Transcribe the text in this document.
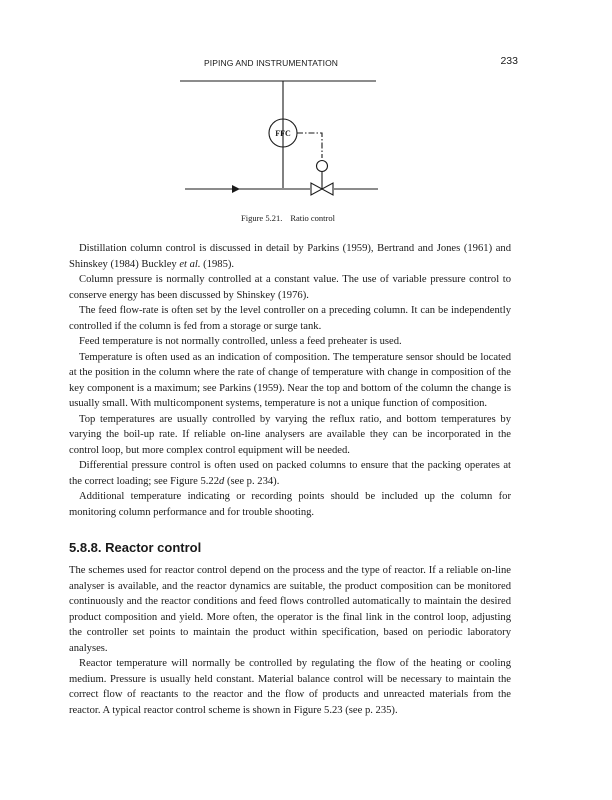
PIPING AND INSTRUMENTATION	233
FFC
Figure 5.21. Ratio control

Distillation column control is discussed in detail by Parkins (1959), Bertrand and Jones (1961) and Shinskey (1984) Buckley et al. (1985).

Column pressure is normally controlled at a constant value. The use of variable pressure control to conserve energy has been discussed by Shinskey (1976).

The feed flow-rate is often set by the level controller on a preceding column. It can be independently controlled if the column is fed from a storage or surge tank.

Feed temperature is not normally controlled, unless a feed preheater is used.

Temperature is often used as an indication of composition. The temperature sensor should be located at the position in the column where the rate of change of temperature with change in composition of the key component is a maximum; see Parkins (1959). Near the top and bottom of the column the change is usually small. With multicomponent systems, temperature is not a unique function of composition.

Top temperatures are usually controlled by varying the reflux ratio, and bottom temperatures by varying the boil-up rate. If reliable on-line analysers are available they can be incorporated in the control loop, but more complex control equipment will be needed.

Differential pressure control is often used on packed columns to ensure that the packing operates at the correct loading; see Figure 5.22d (see p. 234).

Additional temperature indicating or recording points should be included up the column for monitoring column performance and for trouble shooting.

5.8.8. Reactor control

The schemes used for reactor control depend on the process and the type of reactor. If a reliable on-line analyser is available, and the reactor dynamics are suitable, the product composition can be monitored continuously and the reactor conditions and feed flows controlled automatically to maintain the desired product composition and yield. More often, the operator is the final link in the control loop, adjusting the controller set points to maintain the product within specification, based on periodic laboratory analyses.

Reactor temperature will normally be controlled by regulating the flow of the heating or cooling medium. Pressure is usually held constant. Material balance control will be necessary to maintain the correct flow of reactants to the reactor and the flow of products and unreacted materials from the reactor. A typical reactor control scheme is shown in Figure 5.23 (see p. 235).
